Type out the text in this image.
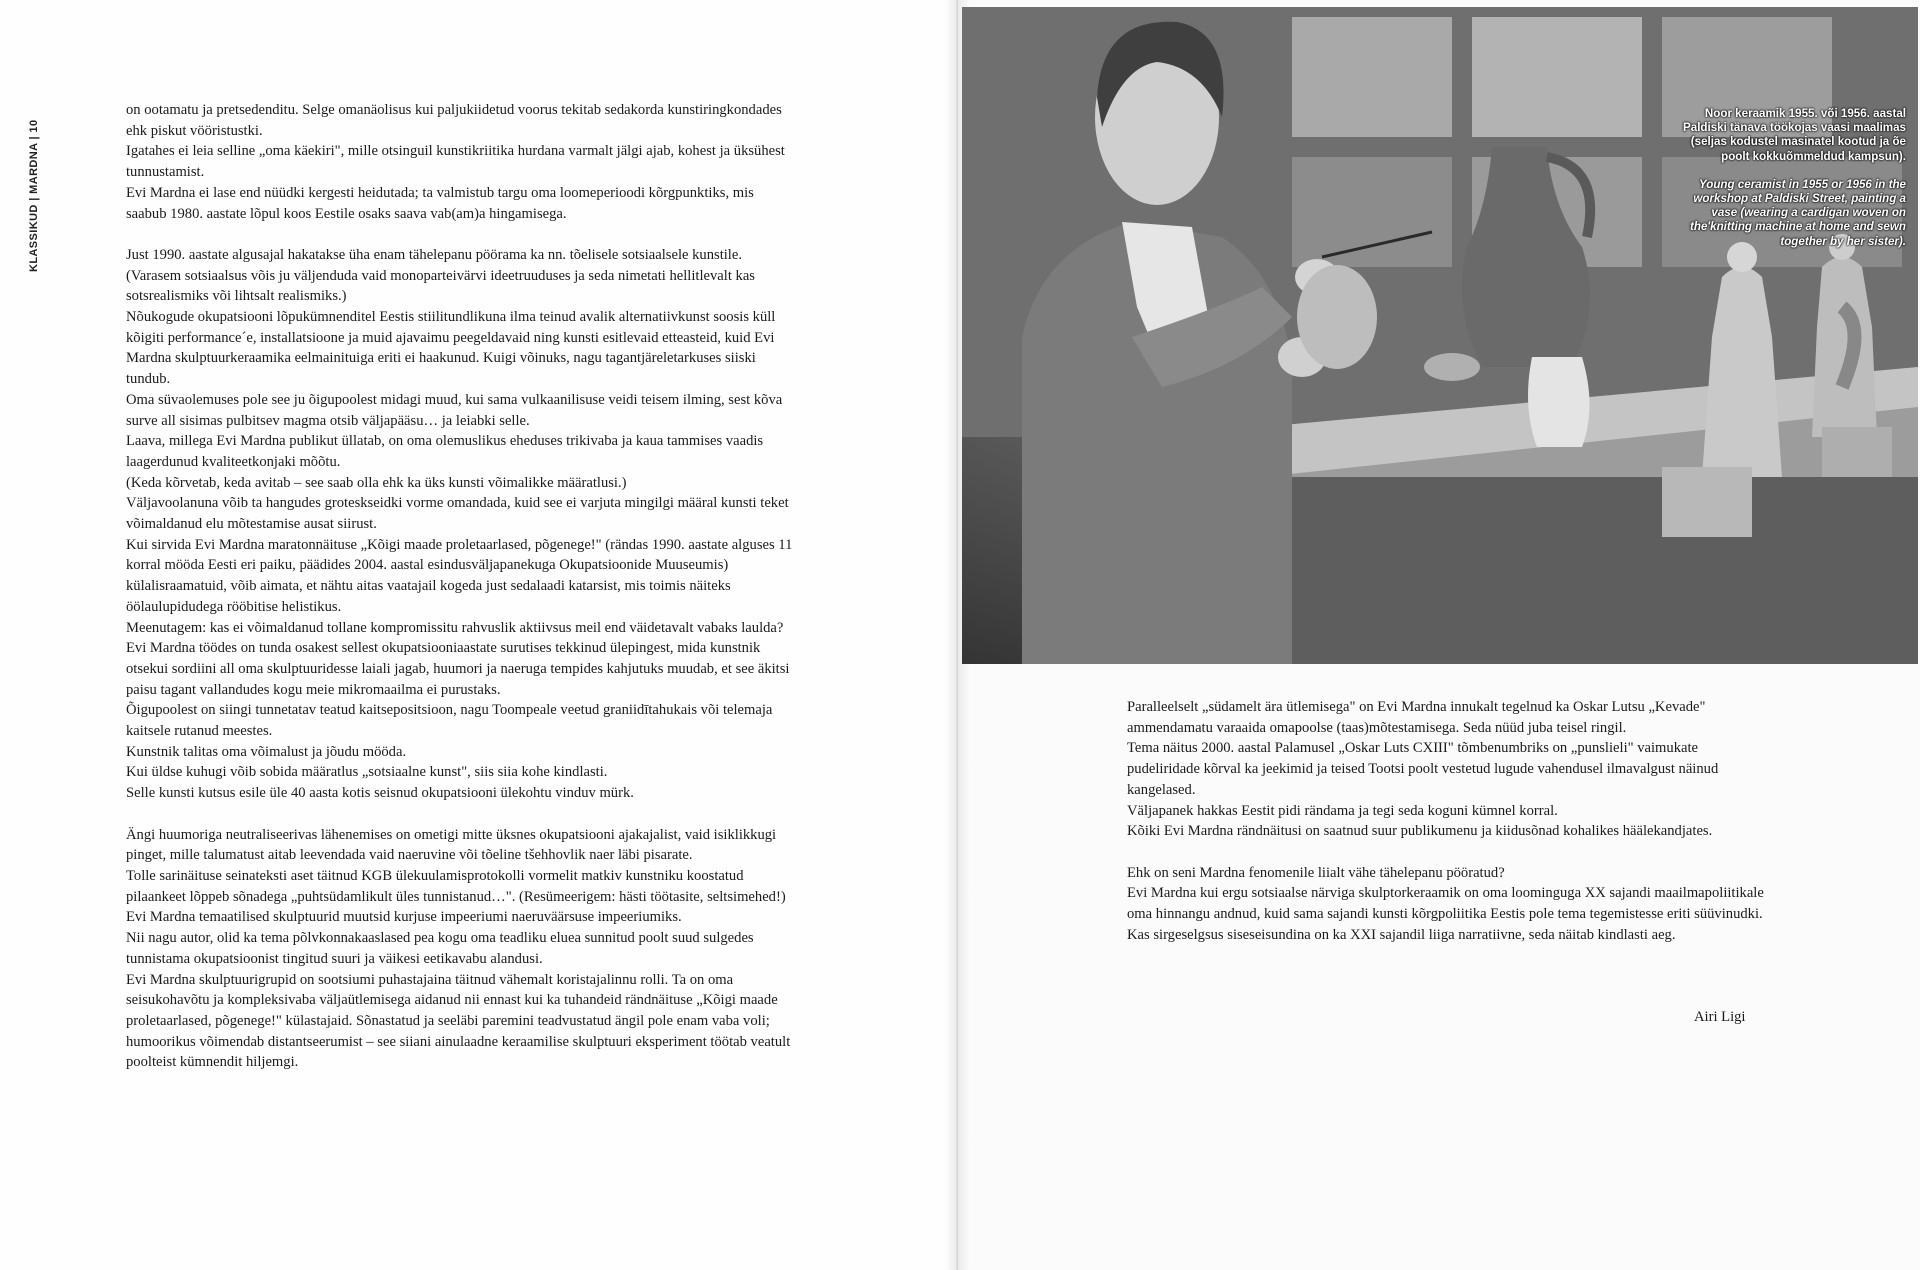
KLASSIKUD | MARDNA | 10

on ootamatu ja pretsedenditu. Selge omanäolisus kui paljukiidetud voorus tekitab sedakorda kunstiringkondades ehk piskut vööristustki.

Igatahes ei leia selline „oma käekiri", mille otsinguil kunstikriitika hurdana varmalt jälgi ajab, kohest ja üksühest tunnustamist.

Evi Mardna ei lase end nüüdki kergesti heidutada; ta valmistub targu oma loomeperioodi kõrgpunktiks, mis saabub 1980. aastate lõpul koos Eestile osaks saava vab(am)a hingamisega.

Just 1990. aastate algusajal hakatakse üha enam tähelepanu pöörama ka nn. tõelisele sotsiaalsele kunstile. (Varasem sotsiaalsus võis ju väljenduda vaid monoparteivärvi ideetruuduses ja seda nimetati hellitlevalt kas sotsrealismiks või lihtsalt realismiks.)

Nõukogude okupatsiooni lõpukümnenditel Eestis stiilitundlikuna ilma teinud avalik alternatiivkunst soosis küll kõigiti performance´e, installatsioone ja muid ajavaimu peegeldavaid ning kunsti esitlevaid etteasteid, kuid Evi Mardna skulptuurkeraamika eelmainituiga eriti ei haakunud. Kuigi võinuks, nagu tagantjäreletarkuses siiski tundub.

Oma süvaolemuses pole see ju õigupoolest midagi muud, kui sama vulkaanilisuse veidi teisem ilming, sest kõva surve all sisimas pulbitsev magma otsib väljapääsu… ja leiabki selle.

Laava, millega Evi Mardna publikut üllatab, on oma olemuslikus eheduses trikivaba ja kaua tammises vaadis laagerdunud kvaliteetkonjaki mõõtu.

(Keda kõrvetab, keda avitab – see saab olla ehk ka üks kunsti võimalikke määratlusi.)

Väljavoolanuna võib ta hangudes groteskseidki vorme omandada, kuid see ei varjuta mingilgi määral kunsti teket võimaldanud elu mõtestamise ausat siirust.

Kui sirvida Evi Mardna maratonnäituse „Kõigi maade proletaarlased, põgenege!" (rändas 1990. aastate alguses 11 korral mööda Eesti eri paiku, päädides 2004. aastal esindusväljapanekuga Okupatsioonide Muuseumis) külalisraamatuid, võib aimata, et nähtu aitas vaatajail kogeda just sedalaadi katarsist, mis toimis näiteks öölaulupidudega rööbitise helistikus.

Meenutagem: kas ei võimaldanud tollane kompromissitu rahvuslik aktiivsus meil end väidetavalt vabaks laulda?

Evi Mardna töödes on tunda osakest sellest okupatsiooniaastate surutises tekkinud ülepingest, mida kunstnik otsekui sordiini all oma skulptuuridesse laiali jagab, huumori ja naeruga tempides kahjutuks muudab, et see äkitsi paisu tagant vallandudes kogu meie mikromaailma ei purustaks.

Õigupoolest on siingi tunnetatav teatud kaitsepositsioon, nagu Toompeale veetud graniidītahukais või telemaja kaitsele rutanud meestes.

Kunstnik talitas oma võimalust ja jõudu mööda.

Kui üldse kuhugi võib sobida määratlus „sotsiaalne kunst", siis siia kohe kindlasti.

Selle kunsti kutsus esile üle 40 aasta kotis seisnud okupatsiooni ülekohtu vinduv mürk.

Ängi huumoriga neutraliseerivas lähenemises on ometigi mitte üksnes okupatsiooni ajakajalist, vaid isiklikkugi pinget, mille talumatust aitab leevendada vaid naeruvine või tõeline tšehhovlik naer läbi pisarate.

Tolle sarinäituse seinateksti aset täitnud KGB ülekuulamisprotokolli vormelit matkiv kunstniku koostatud pilaankeet lõppeb sõnadega „puhtsüdamlikult üles tunnistanud…". (Resümeerigem: hästi töötasite, seltsimehed!)

Evi Mardna temaatilised skulptuurid muutsid kurjuse impeeriumi naeruväärsuse impeeriumiks.

Nii nagu autor, olid ka tema põlvkonnakaaslased pea kogu oma teadliku eluea sunnitud poolt suud sulgedes tunnistama okupatsioonist tingitud suuri ja väikesi eetikavabu alandusi.

Evi Mardna skulptuurigrupid on sootsiumi puhastajaina täitnud vähemalt koristajalinnu rolli. Ta on oma seisukohavõtu ja kompleksivaba väljaütlemisega aidanud nii ennast kui ka tuhandeid rändnäituse „Kõigi maade proletaarlased, põgenege!" külastajaid. Sõnastatud ja seeläbi paremini teadvustatud ängil pole enam vaba voli; humoorikus võimendab distantseerumist – see siiani ainulaadne keraamilise skulptuuri eksperiment töötab veatult poolteist kümnendit hiljemgi.

Noor keraamik 1955. või 1956. aastal Paldiski tänava töökojas vaasi maalimas (seljas kodustel masinatel kootud ja õe poolt kokkuõmmeldud kampsun).

Young ceramist in 1955 or 1956 in the workshop at Paldiski Street, painting a vase (wearing a cardigan woven on the'knitting machine at home and sewn together by her sister).

Paralleelselt „südamelt ära ütlemisega" on Evi Mardna innukalt tegelnud ka Oskar Lutsu „Kevade" ammendamatu varaaida omapoolse (taas)mõtestamisega. Seda nüüd juba teisel ringil.

Tema näitus 2000. aastal Palamusel „Oskar Luts CXIII" tõmbenumbriks on „punslieli" vaimukate pudeliridade kõrval ka jeekimid ja teised Tootsi poolt vestetud lugude vahendusel ilmavalgust näinud kangelased.

Väljapanek hakkas Eestit pidi rändama ja tegi seda koguni kümnel korral.

Kõiki Evi Mardna rändnäitusi on saatnud suur publikumenu ja kiidusõnad kohalikes häälekandjates.

Ehk on seni Mardna fenomenile liialt vähe tähelepanu pööratud?

Evi Mardna kui ergu sotsiaalse närviga skulptorkeraamik on oma loominguga XX sajandi maailmapoliitikale oma hinnangu andnud, kuid sama sajandi kunsti kõrgpoliitika Eestis pole tema tegemistesse eriti süüvinudki.

Kas sirgeselgsus siseseisundina on ka XXI sajandil liiga narratiivne, seda näitab kindlasti aeg.

Airi Ligi
